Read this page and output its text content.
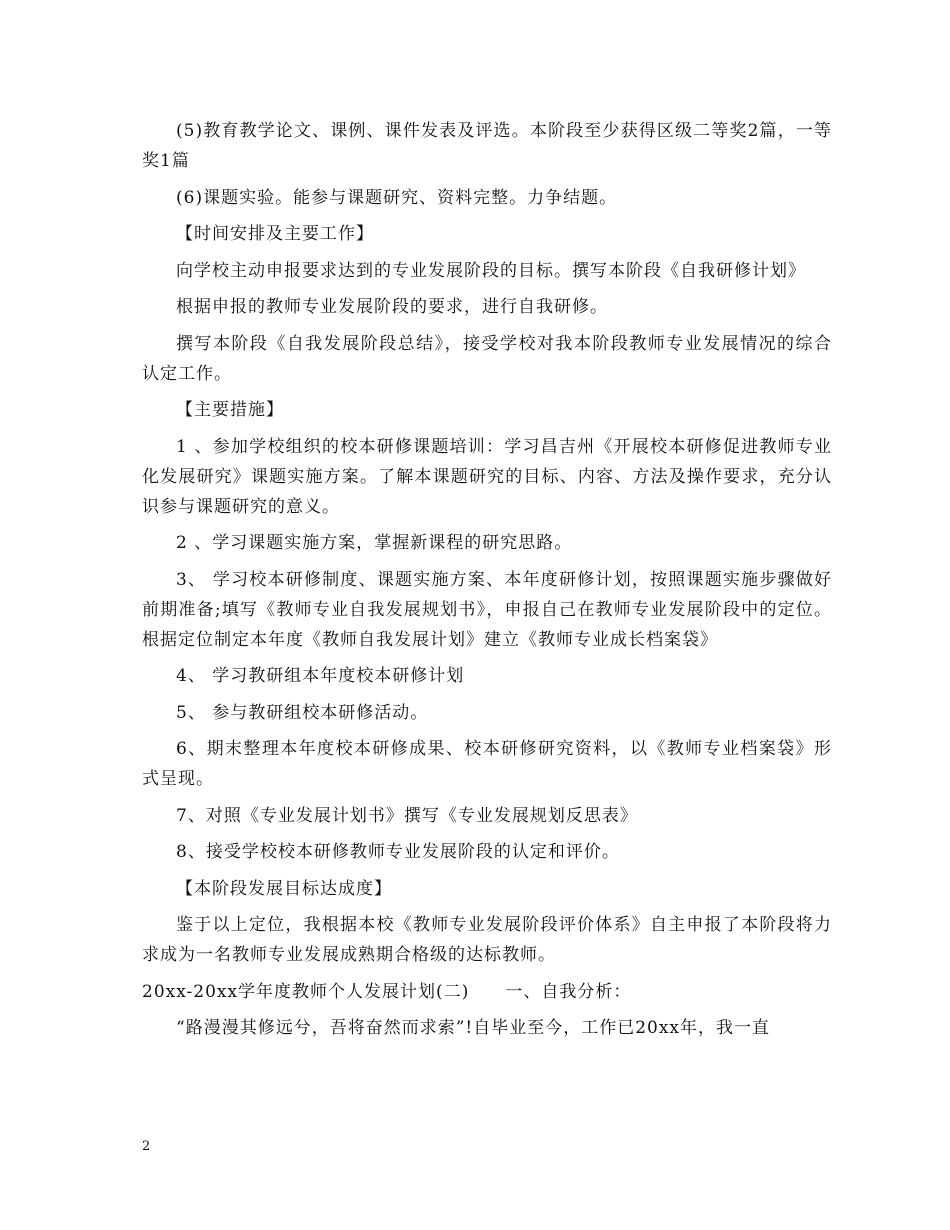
(5)教育教学论文、课例、课件发表及评选。本阶段至少获得区级二等奖2篇，一等奖1篇

(6)课题实验。能参与课题研究、资料完整。力争结题。

【时间安排及主要工作】

向学校主动申报要求达到的专业发展阶段的目标。撰写本阶段《自我研修计划》

根据申报的教师专业发展阶段的要求，进行自我研修。

撰写本阶段《自我发展阶段总结》，接受学校对我本阶段教师专业发展情况的综合认定工作。

【主要措施】

1 、参加学校组织的校本研修课题培训：学习昌吉州《开展校本研修促进教师专业化发展研究》课题实施方案。了解本课题研究的目标、内容、方法及操作要求，充分认识参与课题研究的意义。

2 、学习课题实施方案，掌握新课程的研究思路。

3、 学习校本研修制度、课题实施方案、本年度研修计划，按照课题实施步骤做好前期准备;填写《教师专业自我发展规划书》，申报自己在教师专业发展阶段中的定位。根据定位制定本年度《教师自我发展计划》建立《教师专业成长档案袋》

4、 学习教研组本年度校本研修计划

5、 参与教研组校本研修活动。

6、期末整理本年度校本研修成果、校本研修研究资料，以《教师专业档案袋》形式呈现。

7、对照《专业发展计划书》撰写《专业发展规划反思表》

8、接受学校校本研修教师专业发展阶段的认定和评价。

【本阶段发展目标达成度】

鉴于以上定位，我根据本校《教师专业发展阶段评价体系》自主申报了本阶段将力求成为一名教师专业发展成熟期合格级的达标教师。

20xx-20xx学年度教师个人发展计划(二)　　一、自我分析：

“路漫漫其修远兮，吾将奋然而求索”!自毕业至今，工作已20xx年，我一直

2
